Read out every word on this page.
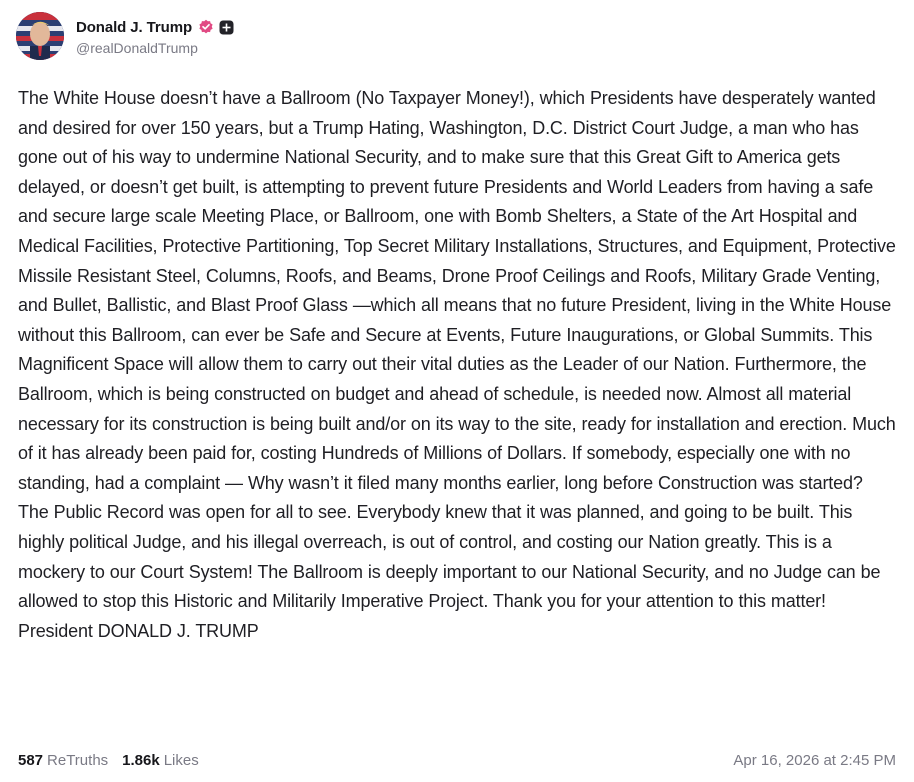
Donald J. Trump
@realDonaldTrump

The White House doesn’t have a Ballroom (No Taxpayer Money!), which Presidents have desperately wanted and desired for over 150 years, but a Trump Hating, Washington, D.C. District Court Judge, a man who has gone out of his way to undermine National Security, and to make sure that this Great Gift to America gets delayed, or doesn’t get built, is attempting to prevent future Presidents and World Leaders from having a safe and secure large scale Meeting Place, or Ballroom, one with Bomb Shelters, a State of the Art Hospital and Medical Facilities, Protective Partitioning, Top Secret Military Installations, Structures, and Equipment, Protective Missile Resistant Steel, Columns, Roofs, and Beams, Drone Proof Ceilings and Roofs, Military Grade Venting, and Bullet, Ballistic, and Blast Proof Glass —which all means that no future President, living in the White House without this Ballroom, can ever be Safe and Secure at Events, Future Inaugurations, or Global Summits. This Magnificent Space will allow them to carry out their vital duties as the Leader of our Nation. Furthermore, the Ballroom, which is being constructed on budget and ahead of schedule, is needed now. Almost all material necessary for its construction is being built and/or on its way to the site, ready for installation and erection. Much of it has already been paid for, costing Hundreds of Millions of Dollars. If somebody, especially one with no standing, had a complaint — Why wasn’t it filed many months earlier, long before Construction was started? The Public Record was open for all to see. Everybody knew that it was planned, and going to be built. This highly political Judge, and his illegal overreach, is out of control, and costing our Nation greatly. This is a mockery to our Court System! The Ballroom is deeply important to our National Security, and no Judge can be allowed to stop this Historic and Militarily Imperative Project. Thank you for your attention to this matter! President DONALD J. TRUMP

587 ReTruths 1.86k Likes	Apr 16, 2026 at 2:45 PM
